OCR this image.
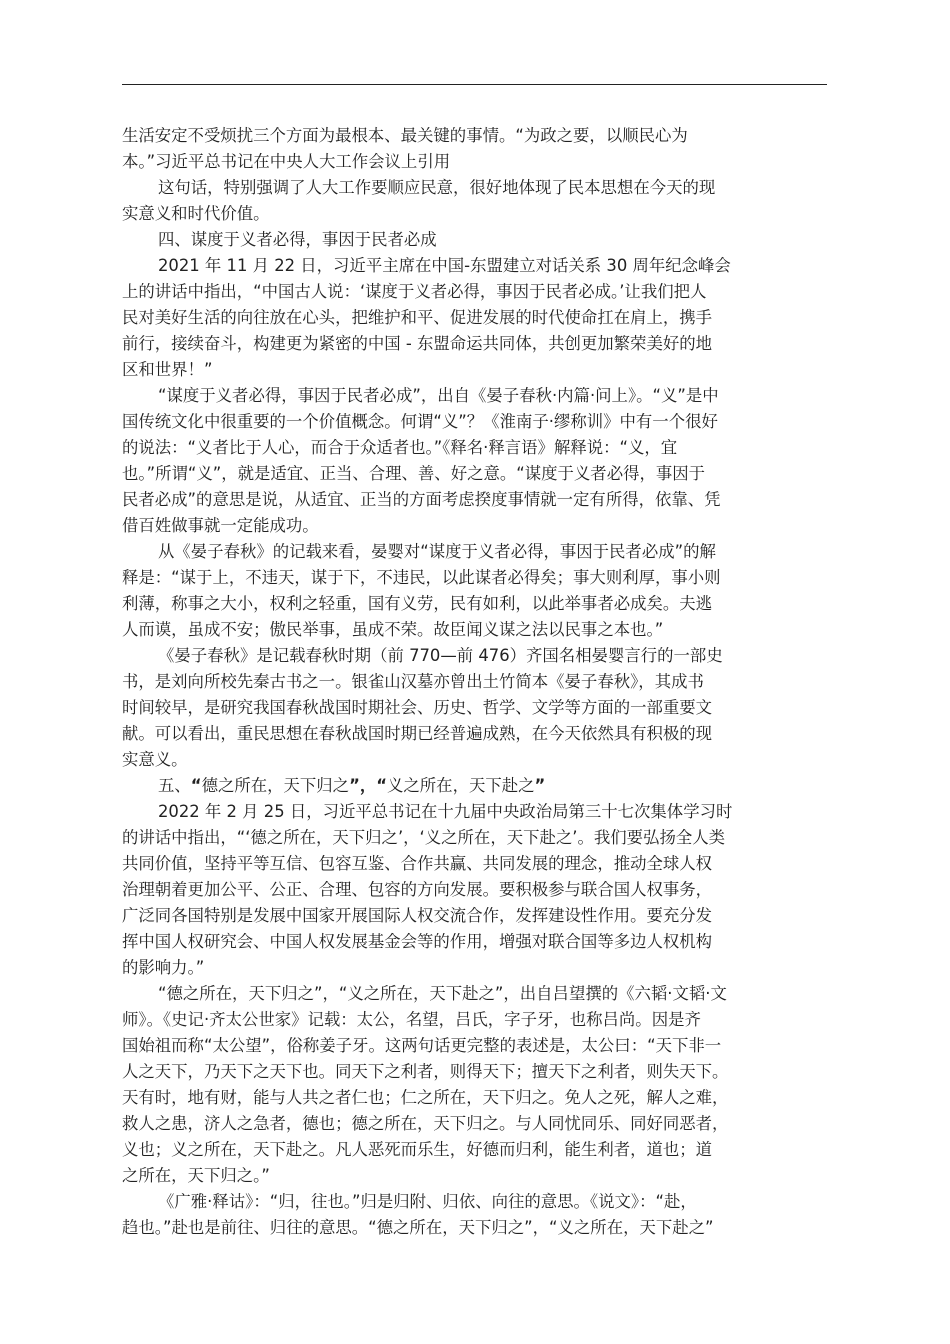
生活安定不受烦扰三个方面为最根本、最关键的事情。“为政之要，以顺民心为
本。”习近平总书记在中央人大工作会议上引用
这句话，特别强调了人大工作要顺应民意，很好地体现了民本思想在今天的现
实意义和时代价值。
四、谋度于义者必得，事因于民者必成
2021 年 11 月 22 日，习近平主席在中国-东盟建立对话关系 30 周年纪念峰会
上的讲话中指出，“中国古人说：‘谋度于义者必得，事因于民者必成。’让我们把人
民对美好生活的向往放在心头，把维护和平、促进发展的时代使命扛在肩上，携手
前行，接续奋斗，构建更为紧密的中国 - 东盟命运共同体，共创更加繁荣美好的地
区和世界！”
“谋度于义者必得，事因于民者必成”，出自《晏子春秋·内篇·问上》。“义”是中
国传统文化中很重要的一个价值概念。何谓“义”？《淮南子·缪称训》中有一个很好
的说法：“义者比于人心，而合于众适者也。”《释名·释言语》解释说：“义，宜
也。”所谓“义”，就是适宜、正当、合理、善、好之意。“谋度于义者必得，事因于
民者必成”的意思是说，从适宜、正当的方面考虑揆度事情就一定有所得，依靠、凭
借百姓做事就一定能成功。
从《晏子春秋》的记载来看，晏婴对“谋度于义者必得，事因于民者必成”的解
释是：“谋于上，不违天，谋于下，不违民，以此谋者必得矣；事大则利厚，事小则
利薄，称事之大小，权利之轻重，国有义劳，民有如利，以此举事者必成矣。夫逃
人而谟，虽成不安；傲民举事，虽成不荣。故臣闻义谋之法以民事之本也。”
《晏子春秋》是记载春秋时期（前 770—前 476）齐国名相晏婴言行的一部史
书，是刘向所校先秦古书之一。银雀山汉墓亦曾出土竹简本《晏子春秋》，其成书
时间较早，是研究我国春秋战国时期社会、历史、哲学、文学等方面的一部重要文
献。可以看出，重民思想在春秋战国时期已经普遍成熟，在今天依然具有积极的现
实意义。
五、“德之所在，天下归之”，“义之所在，天下赴之”
2022 年 2 月 25 日，习近平总书记在十九届中央政治局第三十七次集体学习时
的讲话中指出，“‘德之所在，天下归之’，‘义之所在，天下赴之’。我们要弘扬全人类
共同价值，坚持平等互信、包容互鉴、合作共赢、共同发展的理念，推动全球人权
治理朝着更加公平、公正、合理、包容的方向发展。要积极参与联合国人权事务，
广泛同各国特别是发展中国家开展国际人权交流合作，发挥建设性作用。要充分发
挥中国人权研究会、中国人权发展基金会等的作用，增强对联合国等多边人权机构
的影响力。”
“德之所在，天下归之”，“义之所在，天下赴之”，出自吕望撰的《六韬·文韬·文
师》。《史记·齐太公世家》记载：太公，名望，吕氏，字子牙，也称吕尚。因是齐
国始祖而称“太公望”，俗称姜子牙。这两句话更完整的表述是，太公曰：“天下非一
人之天下，乃天下之天下也。同天下之利者，则得天下；擅天下之利者，则失天下。
天有时，地有财，能与人共之者仁也；仁之所在，天下归之。免人之死，解人之难，
救人之患，济人之急者，德也；德之所在，天下归之。与人同忧同乐、同好同恶者，
义也；义之所在，天下赴之。凡人恶死而乐生，好德而归利，能生利者，道也；道
之所在，天下归之。”
《广雅·释诂》：“归，往也。”归是归附、归依、向往的意思。《说文》：“赴，
趋也。”赴也是前往、归往的意思。“德之所在，天下归之”，“义之所在，天下赴之”
